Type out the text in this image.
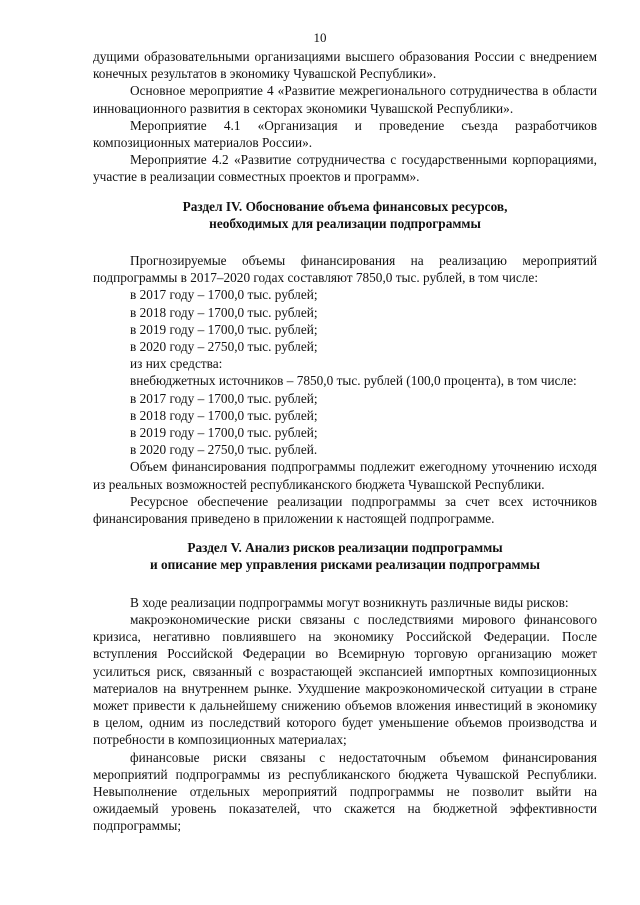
10

дущими образовательными организациями высшего образования России с внедрением конечных результатов в экономику Чувашской Республики».

Основное мероприятие 4 «Развитие межрегионального сотрудничества в области инновационного развития в секторах экономики Чувашской Республики».

Мероприятие 4.1 «Организация и проведение съезда разработчиков композиционных материалов России».

Мероприятие 4.2 «Развитие сотрудничества с государственными корпорациями, участие в реализации совместных проектов и программ».

Раздел IV. Обоснование объема финансовых ресурсов,
необходимых для реализации подпрограммы

Прогнозируемые объемы финансирования на реализацию мероприятий подпрограммы в 2017–2020 годах составляют 7850,0 тыс. рублей, в том числе:

в 2017 году – 1700,0 тыс. рублей;

в 2018 году – 1700,0 тыс. рублей;

в 2019 году – 1700,0 тыс. рублей;

в 2020 году – 2750,0 тыс. рублей;

из них средства:

внебюджетных источников – 7850,0 тыс. рублей (100,0 процента), в том числе:

в 2017 году – 1700,0 тыс. рублей;

в 2018 году – 1700,0 тыс. рублей;

в 2019 году – 1700,0 тыс. рублей;

в 2020 году – 2750,0 тыс. рублей.

Объем финансирования подпрограммы подлежит ежегодному уточнению исходя из реальных возможностей республиканского бюджета Чувашской Республики.

Ресурсное обеспечение реализации подпрограммы за счет всех источников финансирования приведено в приложении к настоящей подпрограмме.

Раздел V. Анализ рисков реализации подпрограммы
и описание мер управления рисками реализации подпрограммы

В ходе реализации подпрограммы могут возникнуть различные виды рисков:

макроэкономические риски связаны с последствиями мирового финансового кризиса, негативно повлиявшего на экономику Российской Федерации. После вступления Российской Федерации во Всемирную торговую организацию может усилиться риск, связанный с возрастающей экспансией импортных композиционных материалов на внутреннем рынке. Ухудшение макроэкономической ситуации в стране может привести к дальнейшему снижению объемов вложения инвестиций в экономику в целом, одним из последствий которого будет уменьшение объемов производства и потребности в композиционных материалах;

финансовые риски связаны с недостаточным объемом финансирования мероприятий подпрограммы из республиканского бюджета Чувашской Республики. Невыполнение отдельных мероприятий подпрограммы не позволит выйти на ожидаемый уровень показателей, что скажется на бюджетной эффективности подпрограммы;
